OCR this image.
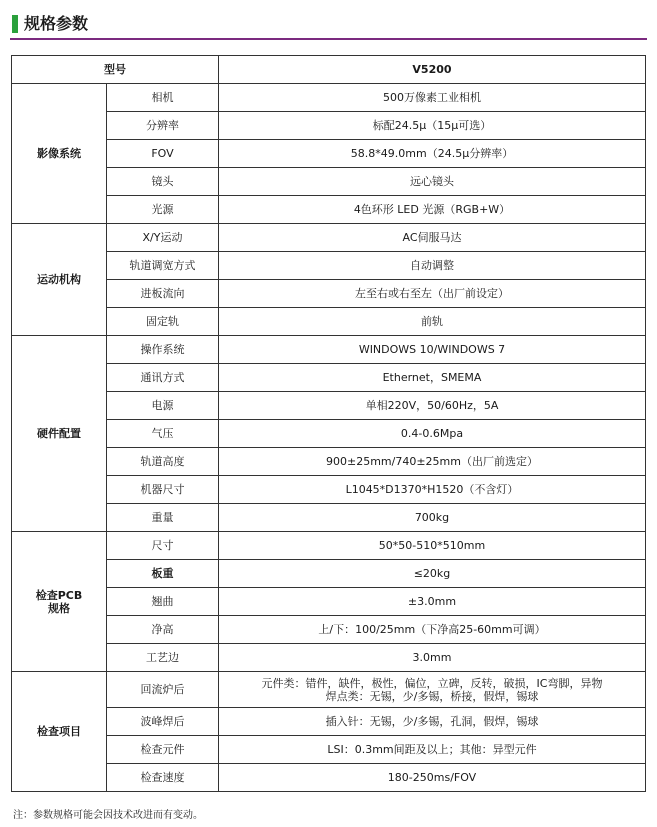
规格参数
型号		V5200
影像系统	相机	500万像素工业相机
	分辨率	标配24.5μ（15μ可选）
	FOV	58.8*49.0mm（24.5μ分辨率）
	镜头	远心镜头
	光源	4色环形 LED 光源（RGB+W）
运动机构	X/Y运动	AC伺服马达
	轨道调宽方式	自动调整
	进板流向	左至右或右至左（出厂前设定）
	固定轨	前轨
硬件配置	操作系统	WINDOWS 10/WINDOWS 7
	通讯方式	Ethernet，SMEMA
	电源	单相220V，50/60Hz，5A
	气压	0.4-0.6Mpa
	轨道高度	900±25mm/740±25mm（出厂前选定）
	机器尺寸	L1045*D1370*H1520（不含灯）
	重量	700kg

检查PCB
规格	尺寸	50*50-510*510mm
	板重	≤20kg
	翘曲	±3.0mm
	净高	上/下：100/25mm（下净高25-60mm可调）
	工艺边	3.0mm
检查项目	回流炉后	元件类：错件，缺件，极性，偏位，立碑，反转，破损，IC弯脚，异物
焊点类：无锡，少/多锡，桥接，假焊，锡球

	波峰焊后	插入针：无锡，少/多锡，孔洞，假焊，锡球
	检查元件	LSI：0.3mm间距及以上；其他：异型元件
	检查速度	180-250ms/FOV
注：参数规格可能会因技术改进而有变动。
